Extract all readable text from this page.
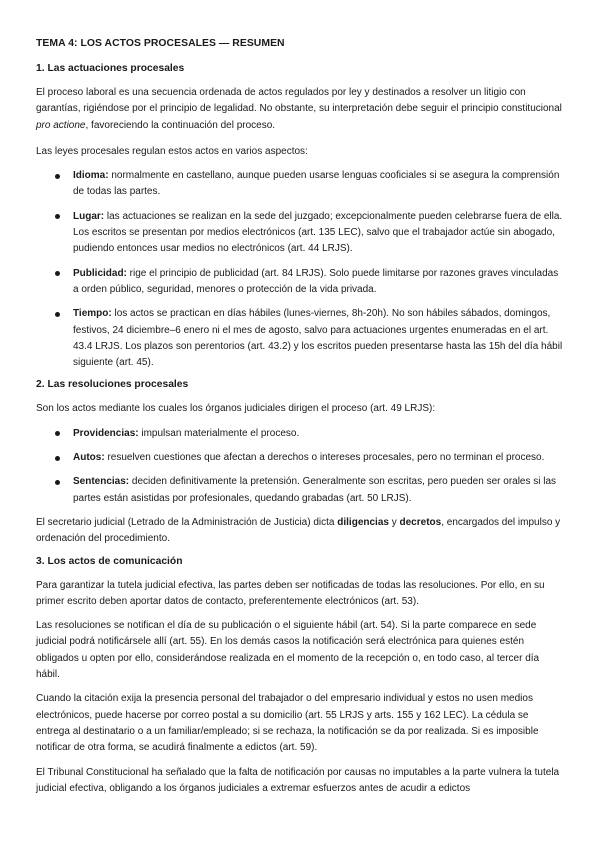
TEMA 4: LOS ACTOS PROCESALES — RESUMEN
1. Las actuaciones procesales

El proceso laboral es una secuencia ordenada de actos regulados por ley y destinados a resolver un litigio con garantías, rigiéndose por el principio de legalidad. No obstante, su interpretación debe seguir el principio constitucional pro actione, favoreciendo la continuación del proceso.

Las leyes procesales regulan estos actos en varios aspectos:

Idioma: normalmente en castellano, aunque pueden usarse lenguas cooficiales si se asegura la comprensión de todas las partes.
Lugar: las actuaciones se realizan en la sede del juzgado; excepcionalmente pueden celebrarse fuera de ella. Los escritos se presentan por medios electrónicos (art. 135 LEC), salvo que el trabajador actúe sin abogado, pudiendo entonces usar medios no electrónicos (art. 44 LRJS).
Publicidad: rige el principio de publicidad (art. 84 LRJS). Solo puede limitarse por razones graves vinculadas a orden público, seguridad, menores o protección de la vida privada.
Tiempo: los actos se practican en días hábiles (lunes-viernes, 8h-20h). No son hábiles sábados, domingos, festivos, 24 diciembre–6 enero ni el mes de agosto, salvo para actuaciones urgentes enumeradas en el art. 43.4 LRJS. Los plazos son perentorios (art. 43.2) y los escritos pueden presentarse hasta las 15h del día hábil siguiente (art. 45).
2. Las resoluciones procesales

Son los actos mediante los cuales los órganos judiciales dirigen el proceso (art. 49 LRJS):

Providencias: impulsan materialmente el proceso.
Autos: resuelven cuestiones que afectan a derechos o intereses procesales, pero no terminan el proceso.
Sentencias: deciden definitivamente la pretensión. Generalmente son escritas, pero pueden ser orales si las partes están asistidas por profesionales, quedando grabadas (art. 50 LRJS).

El secretario judicial (Letrado de la Administración de Justicia) dicta diligencias y decretos, encargados del impulso y ordenación del procedimiento.

3. Los actos de comunicación

Para garantizar la tutela judicial efectiva, las partes deben ser notificadas de todas las resoluciones. Por ello, en su primer escrito deben aportar datos de contacto, preferentemente electrónicos (art. 53).

Las resoluciones se notifican el día de su publicación o el siguiente hábil (art. 54). Si la parte comparece en sede judicial podrá notificársele allí (art. 55). En los demás casos la notificación será electrónica para quienes estén obligados u opten por ello, considerándose realizada en el momento de la recepción o, en todo caso, al tercer día hábil.

Cuando la citación exija la presencia personal del trabajador o del empresario individual y estos no usen medios electrónicos, puede hacerse por correo postal a su domicilio (art. 55 LRJS y arts. 155 y 162 LEC). La cédula se entrega al destinatario o a un familiar/empleado; si se rechaza, la notificación se da por realizada. Si es imposible notificar de otra forma, se acudirá finalmente a edictos (art. 59).

El Tribunal Constitucional ha señalado que la falta de notificación por causas no imputables a la parte vulnera la tutela judicial efectiva, obligando a los órganos judiciales a extremar esfuerzos antes de acudir a edictos
